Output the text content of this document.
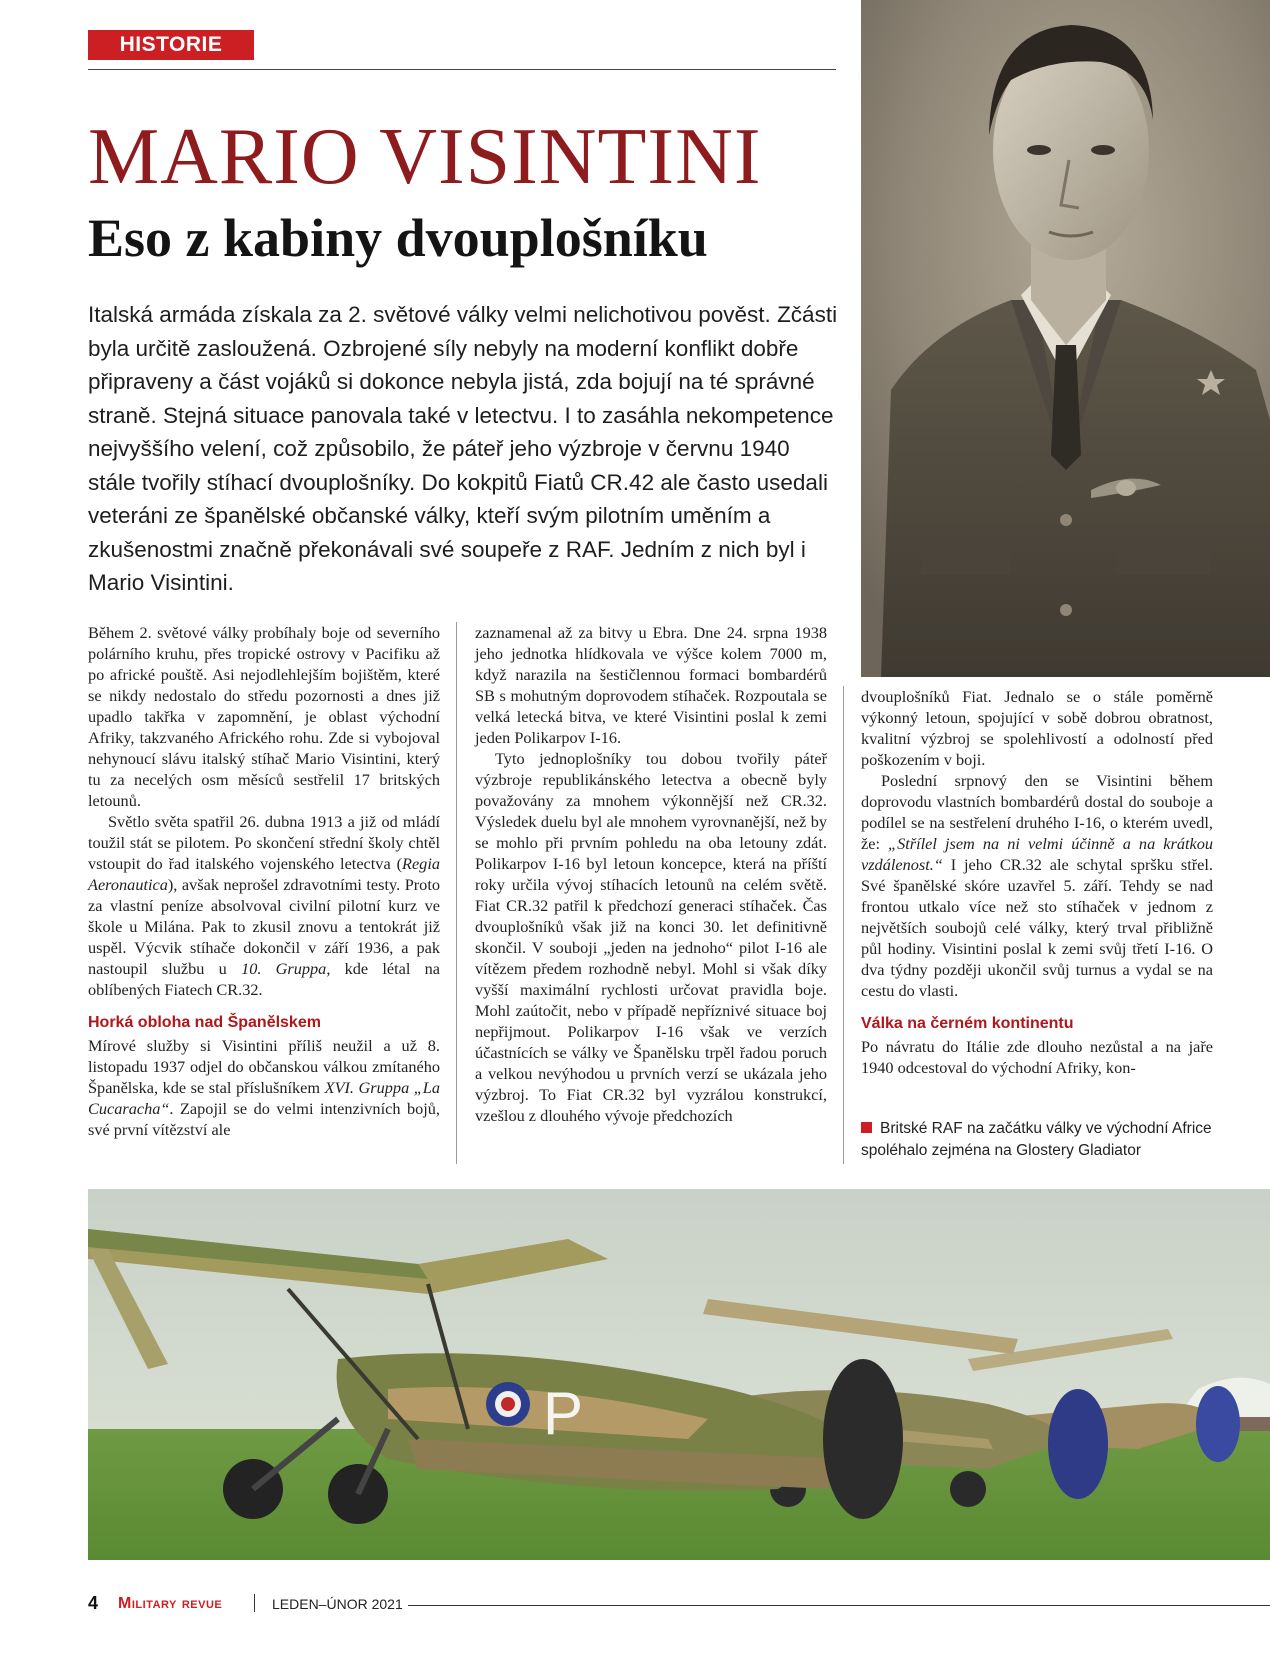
HISTORIE
MARIO VISINTINI
Eso z kabiny dvouplošníku
Italská armáda získala za 2. světové války velmi nelichotivou pověst. Zčásti byla určitě zasloužená. Ozbrojené síly nebyly na moderní konflikt dobře připraveny a část vojáků si dokonce nebyla jistá, zda bojují na té správné straně. Stejná situace panovala také v letectvu. I to zasáhla nekompetence nejvyššího velení, což způsobilo, že páteř jeho výzbroje v červnu 1940 stále tvořily stíhací dvouplošníky. Do kokpitů Fiatů CR.42 ale často usedali veteráni ze španělské občanské války, kteří svým pilotním uměním a zkušenostmi značně překonávali své soupeře z RAF. Jedním z nich byl i Mario Visintini.

Během 2. světové války probíhaly boje od severního polárního kruhu, přes tropické ostrovy v Pacifiku až po africké pouště. Asi nejodlehlejším bojištěm, které se nikdy nedostalo do středu pozornosti a dnes již upadlo takřka v zapomnění, je oblast východní Afriky, takzvaného Afrického rohu. Zde si vybojoval nehynoucí slávu italský stíhač Mario Visintini, který tu za necelých osm měsíců sestřelil 17 britských letounů.

Světlo světa spatřil 26. dubna 1913 a již od mládí toužil stát se pilotem. Po skončení střední školy chtěl vstoupit do řad italského vojenského letectva (Regia Aeronautica), avšak neprošel zdravotními testy. Proto za vlastní peníze absolvoval civilní pilotní kurz ve škole u Milána. Pak to zkusil znovu a tentokrát již uspěl. Výcvik stíhače dokončil v září 1936, a pak nastoupil službu u 10. Gruppa, kde létal na oblíbených Fiatech CR.32.

Horká obloha nad Španělskem

Mírové služby si Visintini příliš neužil a už 8. listopadu 1937 odjel do občanskou válkou zmítaného Španělska, kde se stal příslušníkem XVI. Gruppa „La Cucaracha“. Zapojil se do velmi intenzivních bojů, své první vítězství ale

zaznamenal až za bitvy u Ebra. Dne 24. srpna 1938 jeho jednotka hlídkovala ve výšce kolem 7000 m, když narazila na šestičlennou formaci bombardérů SB s mohutným doprovodem stíhaček. Rozpoutala se velká letecká bitva, ve které Visintini poslal k zemi jeden Polikarpov I-16.

Tyto jednoplošníky tou dobou tvořily páteř výzbroje republikánského letectva a obecně byly považovány za mnohem výkonnější než CR.32. Výsledek duelu byl ale mnohem vyrovnanější, než by se mohlo při prvním pohledu na oba letouny zdát. Polikarpov I-16 byl letoun koncepce, která na příští roky určila vývoj stíhacích letounů na celém světě. Fiat CR.32 patřil k předchozí generaci stíhaček. Čas dvouplošníků však již na konci 30. let definitivně skončil. V souboji „jeden na jednoho“ pilot I-16 ale vítězem předem rozhodně nebyl. Mohl si však díky vyšší maximální rychlosti určovat pravidla boje. Mohl zaútočit, nebo v případě nepříznivé situace boj nepřijmout. Polikarpov I-16 však ve verzích účastnících se války ve Španělsku trpěl řadou poruch a velkou nevýhodou u prvních verzí se ukázala jeho výzbroj. To Fiat CR.32 byl vyzrálou konstrukcí, vzešlou z dlouhého vývoje předchozích

dvouplošníků Fiat. Jednalo se o stále poměrně výkonný letoun, spojující v sobě dobrou obratnost, kvalitní výzbroj se spolehlivostí a odolností před poškozením v boji.

Poslední srpnový den se Visintini během doprovodu vlastních bombardérů dostal do souboje a podílel se na sestřelení druhého I-16, o kterém uvedl, že: „Střílel jsem na ni velmi účinně a na krátkou vzdálenost.“ I jeho CR.32 ale schytal spršku střel. Své španělské skóre uzavřel 5. září. Tehdy se nad frontou utkalo více než sto stíhaček v jednom z největších soubojů celé války, který trval přibližně půl hodiny. Visintini poslal k zemi svůj třetí I-16. O dva týdny později ukončil svůj turnus a vydal se na cestu do vlasti.

Válka na černém kontinentu

Po návratu do Itálie zde dlouho nezůstal a na jaře 1940 odcestoval do východní Afriky, kon-

Britské RAF na začátku války ve východní Africe spoléhalo zejména na Glostery Gladiator
P
4 Military revue	LEDEN–ÚNOR 2021
